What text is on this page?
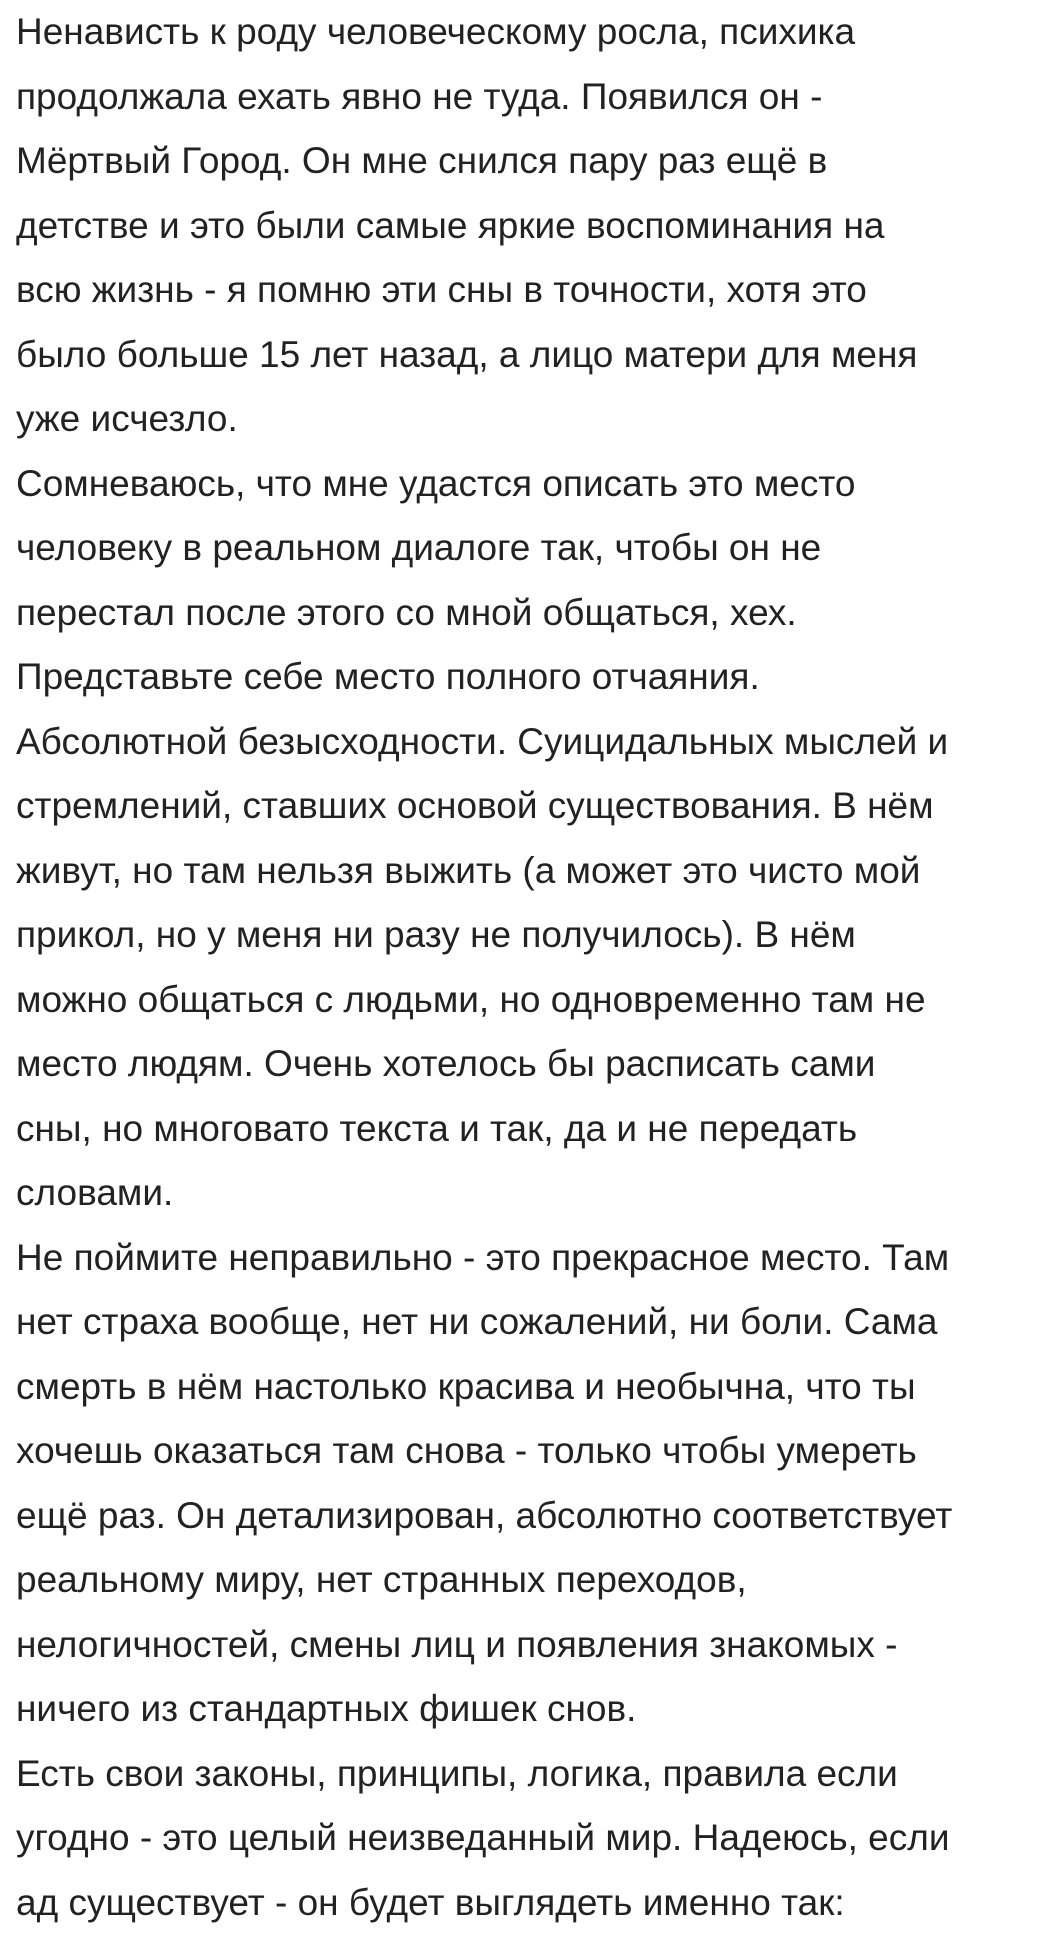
Ненависть к роду человеческому росла, психика
продолжала ехать явно не туда. Появился он -
Мёртвый Город. Он мне снился пару раз ещё в
детстве и это были самые яркие воспоминания на
всю жизнь - я помню эти сны в точности, хотя это
было больше 15 лет назад, а лицо матери для меня
уже исчезло.
Сомневаюсь, что мне удастся описать это место
человеку в реальном диалоге так, чтобы он не
перестал после этого со мной общаться, хех.
Представьте себе место полного отчаяния.
Абсолютной безысходности. Суицидальных мыслей и
стремлений, ставших основой существования. В нём
живут, но там нельзя выжить (а может это чисто мой
прикол, но у меня ни разу не получилось). В нём
можно общаться с людьми, но одновременно там не
место людям. Очень хотелось бы расписать сами
сны, но многовато текста и так, да и не передать
словами.
Не поймите неправильно - это прекрасное место. Там
нет страха вообще, нет ни сожалений, ни боли. Сама
смерть в нём настолько красива и необычна, что ты
хочешь оказаться там снова - только чтобы умереть
ещё раз. Он детализирован, абсолютно соответствует
реальному миру, нет странных переходов,
нелогичностей, смены лиц и появления знакомых -
ничего из стандартных фишек снов.
Есть свои законы, принципы, логика, правила если
угодно - это целый неизведанный мир. Надеюсь, если
ад существует - он будет выглядеть именно так:
